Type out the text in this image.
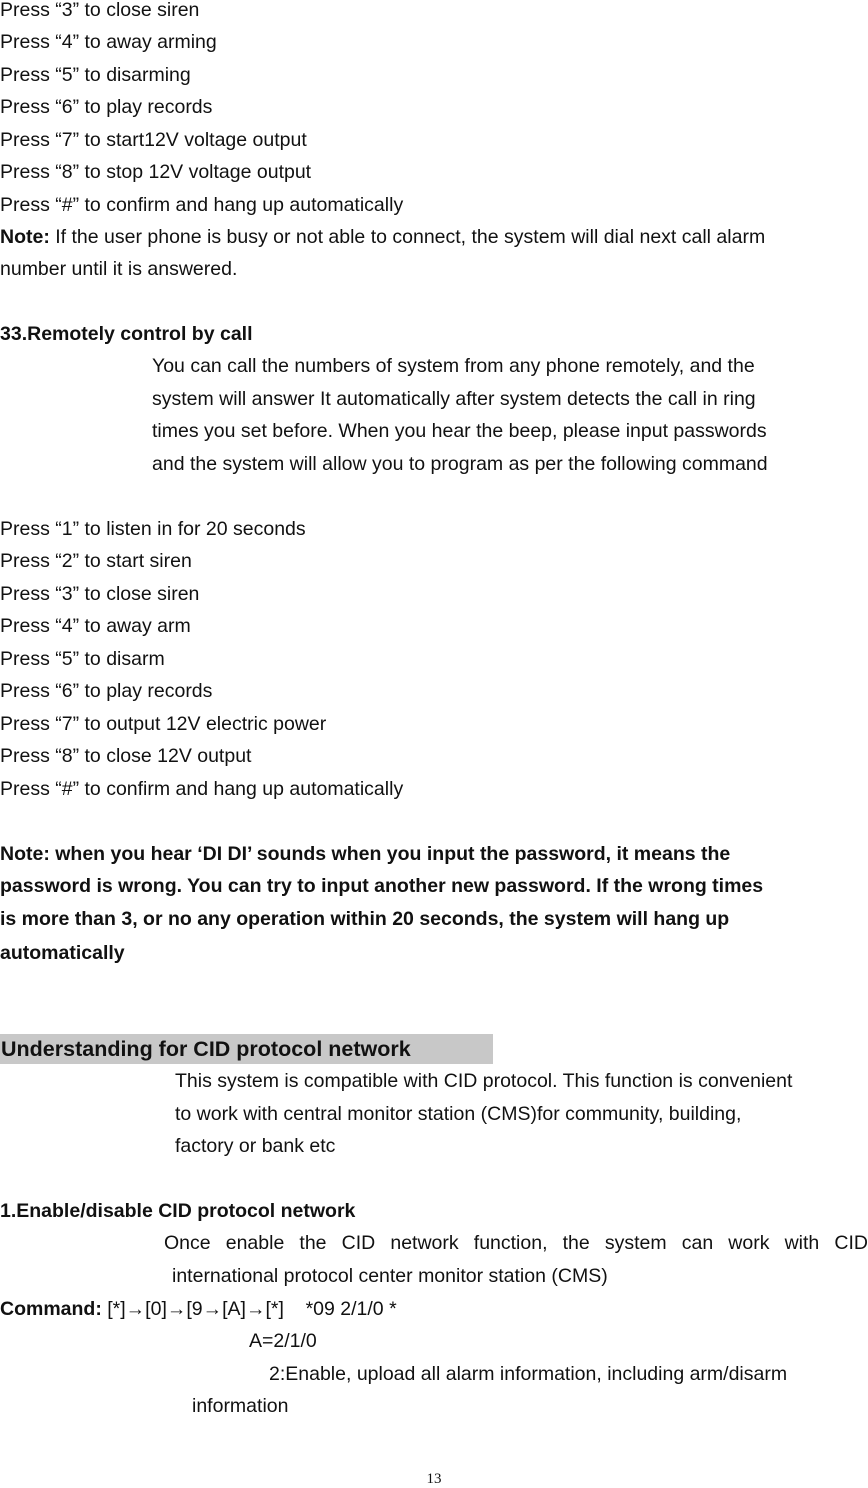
Press “3” to close siren
Press “4” to away arming
Press “5” to disarming
Press “6” to play records
Press “7” to start12V voltage output
Press “8” to stop 12V voltage output
Press “#” to confirm and hang up automatically
Note: If the user phone is busy or not able to connect, the system will dial next call alarm
number until it is answered.
33.Remotely control by call
You can call the numbers of system from any phone remotely, and the
system will answer It automatically after system detects the call in ring
times you set before. When you hear the beep, please input passwords
and the system will allow you to program as per the following command
Press “1” to listen in for 20 seconds
Press “2” to start siren
Press “3” to close siren
Press “4” to away arm
Press “5” to disarm
Press “6” to play records
Press “7” to output 12V electric power
Press “8” to close 12V output
Press “#” to confirm and hang up automatically
Note: when you hear ‘DI DI’ sounds when you input the password, it means the
password is wrong. You can try to input another new password. If the wrong times
is more than 3, or no any operation within 20 seconds, the system will hang up
automatically
Understanding for CID protocol network
This system is compatible with CID protocol. This function is convenient
to work with central monitor station (CMS)for community, building,
factory or bank etc
1.Enable/disable CID protocol network
Once enable the CID network function, the system can work with CID
international protocol center monitor station (CMS)
Command: [*]→[0]→[9→[A]→[*]    *09 2/1/0 *
A=2/1/0
2:Enable, upload all alarm information, including arm/disarm
information
13
